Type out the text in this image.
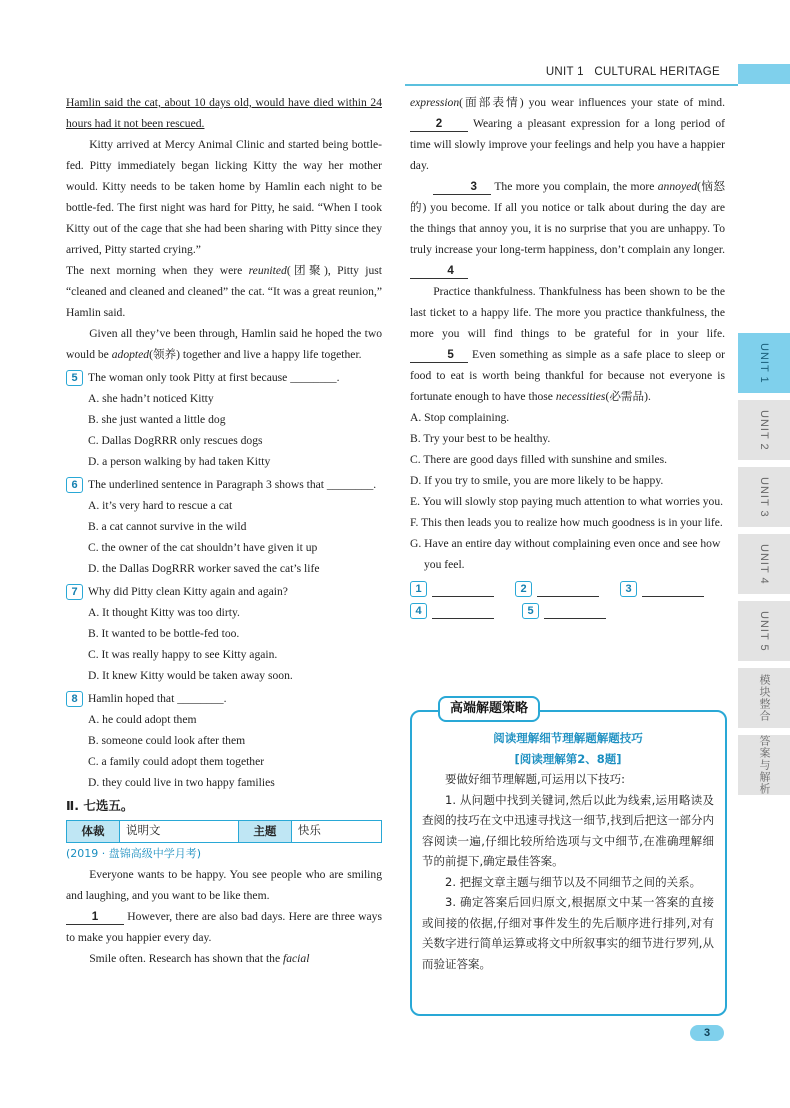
UNIT 1 CULTURAL HERITAGE

Hamlin said the cat, about 10 days old, would have died within 24 hours had it not been rescued.

Kitty arrived at Mercy Animal Clinic and started being bottle-fed. Pitty immediately began licking Kitty the way her mother would. Kitty needs to be taken home by Hamlin each night to be bottle-fed. The first night was hard for Pitty, he said. “When I took Kitty out of the cage that she had been sharing with Pitty since they arrived, Pitty started crying.”

The next morning when they were reunited(团聚), Pitty just “cleaned and cleaned and cleaned” the cat. “It was a great reunion,” Hamlin said.

Given all they’ve been through, Hamlin said he hoped the two would be adopted(领养) together and live a happy life together.

5 The woman only took Pitty at first because ________.

A. she hadn’t noticed Kitty

B. she just wanted a little dog

C. Dallas DogRRR only rescues dogs

D. a person walking by had taken Kitty

6 The underlined sentence in Paragraph 3 shows that ________.

A. it’s very hard to rescue a cat

B. a cat cannot survive in the wild

C. the owner of the cat shouldn’t have given it up

D. the Dallas DogRRR worker saved the cat’s life

7 Why did Pitty clean Kitty again and again?

A. It thought Kitty was too dirty.

B. It wanted to be bottle-fed too.

C. It was really happy to see Kitty again.

D. It knew Kitty would be taken away soon.

8 Hamlin hoped that ________.

A. he could adopt them

B. someone could look after them

C. a family could adopt them together

D. they could live in two happy families

Ⅱ. 七选五。
体裁	说明文	主题	快乐
(2019 · 盘锦高级中学月考)

Everyone wants to be happy. You see people who are smiling and laughing, and you want to be like them.

1 However, there are also bad days. Here are three ways to make you happier every day.

Smile often. Research has shown that the facial

expression(面部表情) you wear influences your state of mind. 2 Wearing a pleasant expression for a long period of time will slowly improve your feelings and help you have a happier day.

3 The more you complain, the more annoyed(恼怒的) you become. If all you notice or talk about during the day are the things that annoy you, it is no surprise that you are unhappy. To truly increase your long-term happiness, don’t complain any longer. 4

Practice thankfulness. Thankfulness has been shown to be the last ticket to a happy life. The more you practice thankfulness, the more you will find things to be grateful for in your life. 5 Even something as simple as a safe place to sleep or food to eat is worth being thankful for because not everyone is fortunate enough to have those necessities(必需品).

A. Stop complaining.

B. Try your best to be healthy.

C. There are good days filled with sunshine and smiles.

D. If you try to smile, you are more likely to be happy.

E. You will slowly stop paying much attention to what worries you.

F. This then leads you to realize how much goodness is in your life.

G. Have an entire day without complaining even once and see how you feel.

1	2	3
4	5
高端解题策略

阅读理解细节理解题解题技巧

[阅读理解第2、8题]

要做好细节理解题,可运用以下技巧:

1. 从问题中找到关键词,然后以此为线索,运用略读及查阅的技巧在文中迅速寻找这一细节,找到后把这一部分内容阅读一遍,仔细比较所给选项与文中细节,在准确理解细节的前提下,确定最佳答案。

2. 把握文章主题与细节以及不同细节之间的关系。

3. 确定答案后回归原文,根据原文中某一答案的直接或间接的依据,仔细对事件发生的先后顺序进行排列,对有关数字进行简单运算或将文中所叙事实的细节进行罗列,从而验证答案。

UNIT 1
UNIT 2
UNIT 3
UNIT 4
UNIT 5
模块整合
答案与解析
3
